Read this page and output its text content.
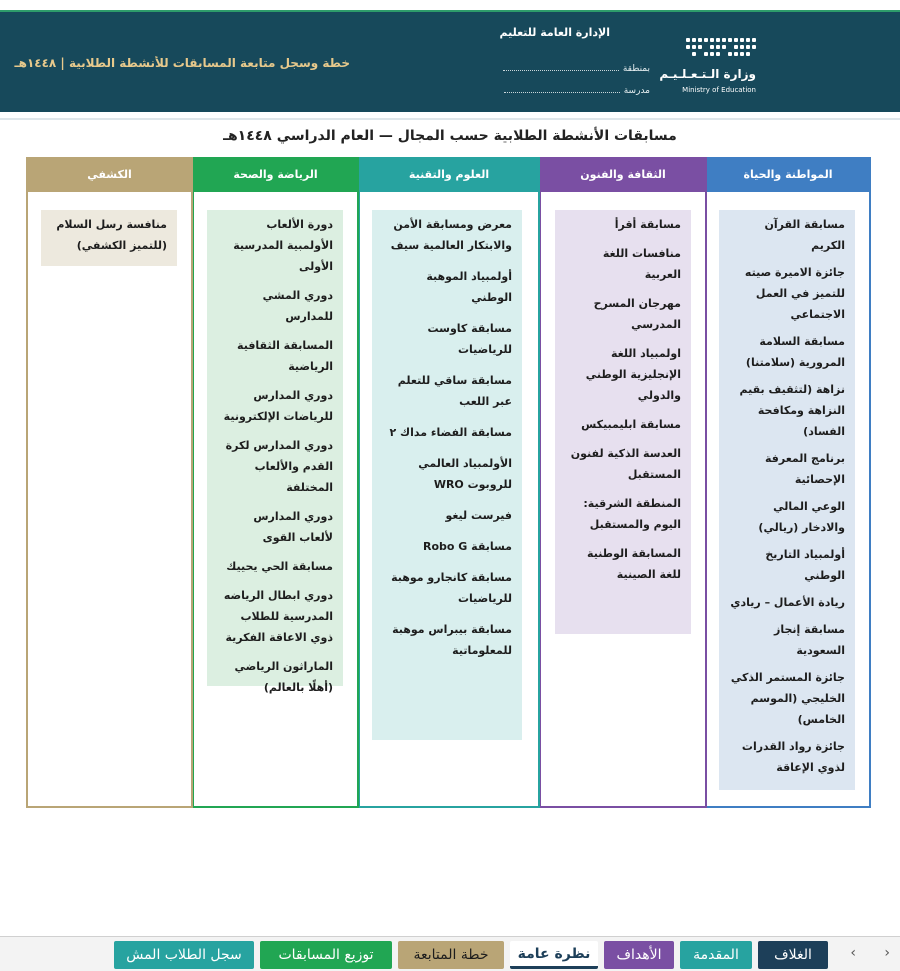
وزارة الـتـعـلـيـم
Ministry of Education
الإدارة العامة للتعليم
بمنطقة
مدرسة
خطة وسجل متابعة المسابقات للأنشطة الطلابية | ١٤٤٨هـ
مسابقات الأنشطة الطلابية حسب المجال — العام الدراسي ١٤٤٨هـ
المواطنة والحياة
مسابقة القرآن الكريم
جائزة الاميرة صيته للتميز في العمل الاجتماعي
مسابقة السلامة المرورية (سلامتنا)
نزاهة (لتثقيف بقيم النزاهة ومكافحة الفساد)
برنامج المعرفة الإحصائية
الوعي المالي والادخار (ريالي)
أولمبياد التاريخ الوطني
ريادة الأعمال – ريادي
مسابقة إنجاز السعودية
جائزة المستمر الذكي الخليجي (الموسم الخامس)
جائزة رواد القدرات لذوي الإعاقة
الثقافة والفنون
مسابقة أقرأ
منافسات اللغة العربية
مهرجان المسرح المدرسي
اولمبياد اللغة الإنجليزية الوطني والدولي
مسابقة ابليمبيكس
العدسة الذكية لفنون المستقبل
المنطقة الشرقية: اليوم والمستقبل
المسابقة الوطنية للغة الصينية
العلوم والتقنية
معرض ومسابقة الأمن والابتكار العالمية سيف
أولمبياد الموهبة الوطني
مسابقة كاوست للرياضيات
مسابقة ساقي للتعلم عبر اللعب
مسابقة الفضاء مداك ٢
الأولمبياد العالمي للروبوت WRO
فيرست ليغو
مسابقة Robo G
مسابقة كانجارو موهبة للرياضيات
مسابقة بيبراس موهبة للمعلوماتية
الرياضة والصحة
دورة الألعاب الأولمبية المدرسية الأولى
دوري المشي للمدارس
المسابقة الثقافية الرياضية
دوري المدارس للرياضات الإلكترونية
دوري المدارس لكرة القدم والألعاب المختلفة
دوري المدارس لألعاب القوى
مسابقة الحي يحييك
دوري ابطال الرياضه المدرسية للطلاب ذوي الاعاقة الفكرية
الماراثون الرياضي (أهلًا بالعالم)
الكشفي
منافسة رسل السلام (للتميز الكشفي)
›
‹
الغلاف
المقدمة
الأهداف
نظرة عامة
خطة المتابعة
توزيع المسابقات
سجل الطلاب المش
